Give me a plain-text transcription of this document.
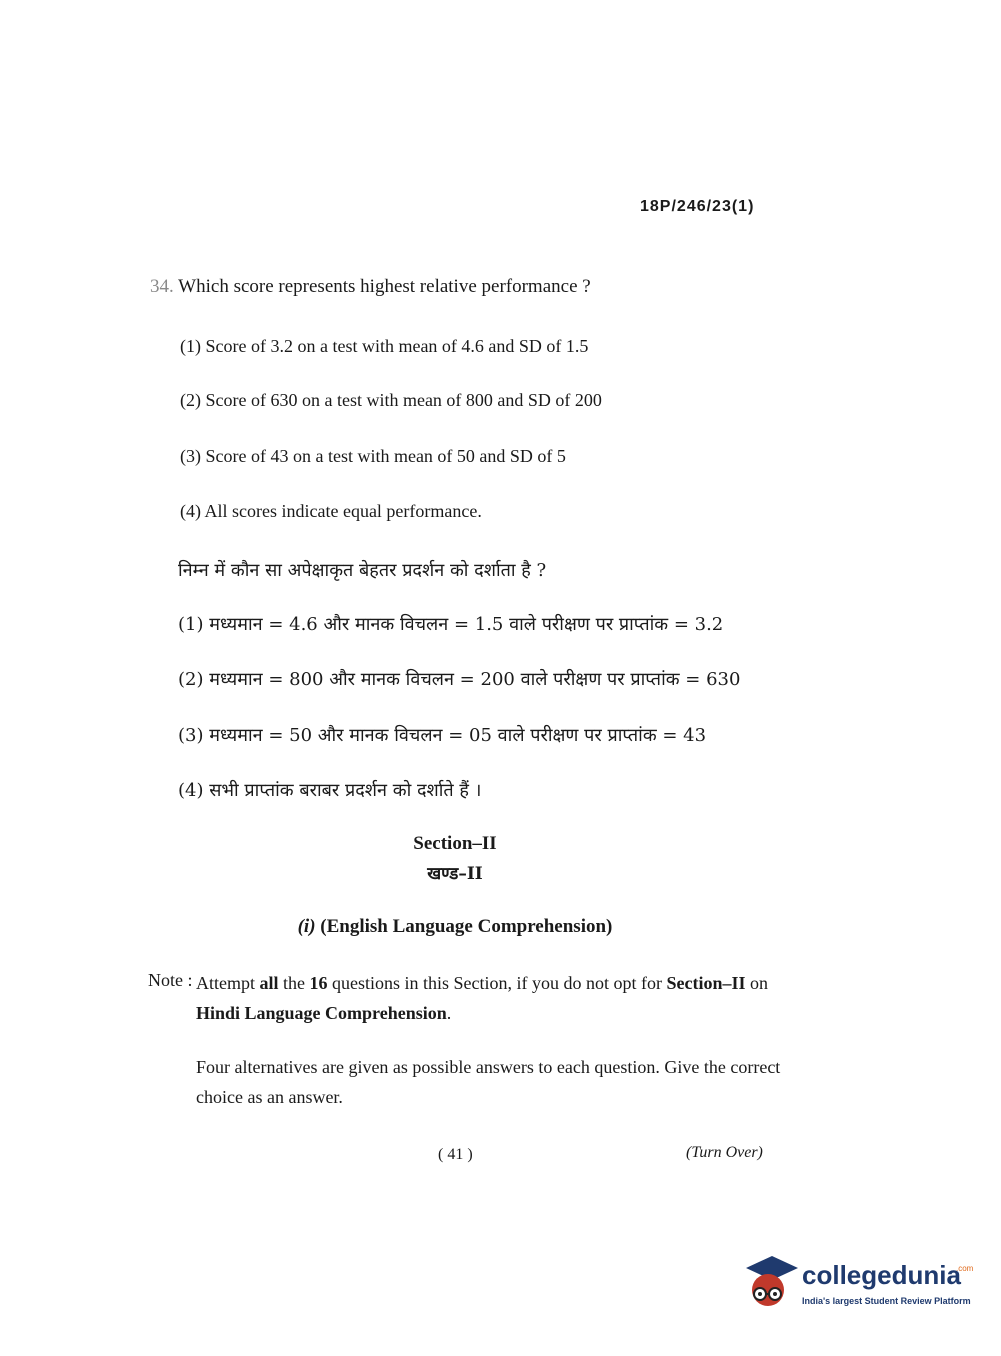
18P/246/23(1)
34. Which score represents highest relative performance ?
(1) Score of 3.2 on a test with mean of 4.6 and SD of 1.5
(2) Score of 630 on a test with mean of 800 and SD of 200
(3) Score of 43 on a test with mean of 50 and SD of 5
(4) All scores indicate equal performance.
निम्न में कौन सा अपेक्षाकृत बेहतर प्रदर्शन को दर्शाता है ?
(1) मध्यमान = 4.6 और मानक विचलन = 1.5 वाले परीक्षण पर प्राप्तांक = 3.2
(2) मध्यमान = 800 और मानक विचलन = 200 वाले परीक्षण पर प्राप्तांक = 630
(3) मध्यमान = 50 और मानक विचलन = 05 वाले परीक्षण पर प्राप्तांक = 43
(4) सभी प्राप्तांक बराबर प्रदर्शन को दर्शाते हैं ।
Section–II
खण्ड–II
(i) (English Language Comprehension)
Note : Attempt all the 16 questions in this Section, if you do not opt for Section–II on Hindi Language Comprehension.
Four alternatives are given as possible answers to each question. Give the correct choice as an answer.
( 41 )	(Turn Over)
collegedunia
.com
India's largest Student Review Platform
